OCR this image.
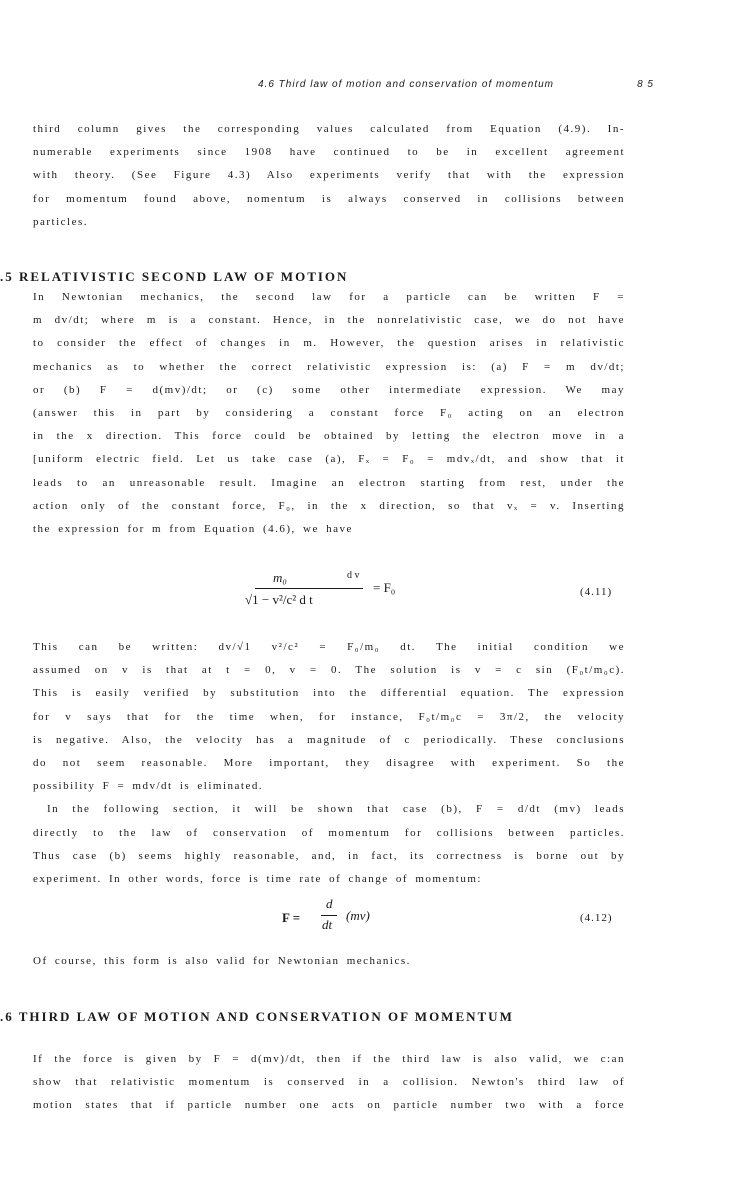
4.6 Third law of motion and conservation of momentum	8 5
third column gives the corresponding values calculated from Equation (4.9). In-
numerable experiments since 1908 have continued to be in excellent agreement
with theory. (See Figure 4.3) Also experiments verify that with the expression
for momentum found above, nomentum is always conserved in collisions between
particles.
.5 RELATIVISTIC SECOND LAW OF MOTION
In Newtonian mechanics, the second law for a particle can be written F =
m dv/dt; where m is a constant. Hence, in the nonrelativistic case, we do not have
to consider the effect of changes in m. However, the question arises in relativistic
mechanics as to whether the correct relativistic expression is: (a) F = m dv/dt;
or (b) F = d(mv)/dt; or (c) some other intermediate expression. We may
(answer this in part by considering a constant force F₀ acting on an electron
in the x direction. This force could be obtained by letting the electron move in a
[uniform electric field. Let us take case (a), Fₓ = F₀ = mdvₓ/dt, and show that it
leads to an unreasonable result. Imagine an electron starting from rest, under the
action only of the constant force, F₀, in the x direction, so that vₓ = v. Inserting
the expression for m from Equation (4.6), we have
m₀	d v
√1 − v²/c² d t
= F₀	(4.11)
This can be written: dv/√1 v²/c² = F₀/m₀ dt. The initial condition we
assumed on v is that at t = 0, v = 0. The solution is v = c sin (F₀t/m₀c).
This is easily verified by substitution into the differential equation. The expression
for v says that for the time when, for instance, F₀t/m₀c = 3π/2, the velocity
is negative. Also, the velocity has a magnitude of c periodically. These conclusions
do not seem reasonable. More important, they disagree with experiment. So the
possibility F = mdv/dt is eliminated.
In the following section, it will be shown that case (b), F = d/dt (mv) leads
directly to the law of conservation of momentum for collisions between particles.
Thus case (b) seems highly reasonable, and, in fact, its correctness is borne out by
experiment. In other words, force is time rate of change of momentum:
F =
d
dt
(mv)	(4.12)
Of course, this form is also valid for Newtonian mechanics.
.6 THIRD LAW OF MOTION AND CONSERVATION OF MOMENTUM
If the force is given by F = d(mv)/dt, then if the third law is also valid, we c:an
show that relativistic momentum is conserved in a collision. Newton's third law of
motion states that if particle number one acts on particle number two with a force
